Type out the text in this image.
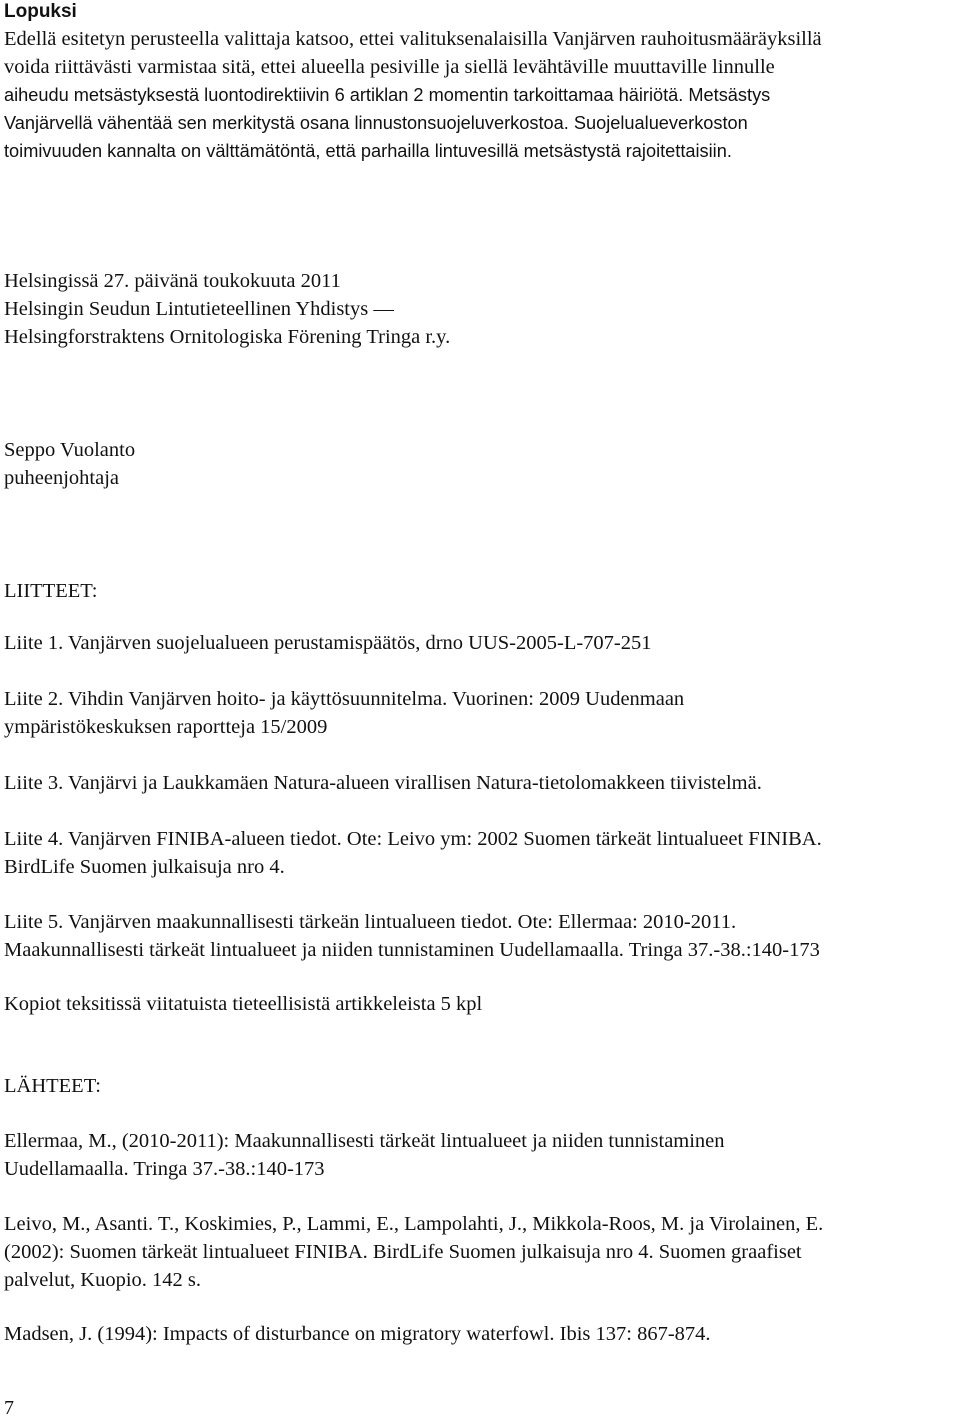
Lopuksi
Edellä esitetyn perusteella valittaja katsoo, ettei valituksenalaisilla Vanjärven rauhoitusmääräyksillä
voida riittävästi varmistaa sitä, ettei alueella pesiville ja siellä levähtäville muuttaville linnulle
aiheudu metsästyksestä luontodirektiivin 6 artiklan 2 momentin tarkoittamaa häiriötä. Metsästys
Vanjärvellä vähentää sen merkitystä osana linnustonsuojeluverkostoa. Suojelualueverkoston
toimivuuden kannalta on välttämätöntä, että parhailla lintuvesillä metsästystä rajoitettaisiin.
Helsingissä 27. päivänä toukokuuta 2011
Helsingin Seudun Lintutieteellinen Yhdistys —
Helsingforstraktens Ornitologiska Förening Tringa r.y.
Seppo Vuolanto
puheenjohtaja
LIITTEET:
Liite 1. Vanjärven suojelualueen perustamispäätös, drno UUS-2005-L-707-251
Liite 2. Vihdin Vanjärven hoito- ja käyttösuunnitelma. Vuorinen: 2009 Uudenmaan
ympäristökeskuksen raportteja 15/2009
Liite 3. Vanjärvi ja Laukkamäen Natura-alueen virallisen Natura-tietolomakkeen tiivistelmä.
Liite 4. Vanjärven FINIBA-alueen tiedot. Ote: Leivo ym: 2002 Suomen tärkeät lintualueet FINIBA.
BirdLife Suomen julkaisuja nro 4.
Liite 5. Vanjärven maakunnallisesti tärkeän lintualueen tiedot. Ote: Ellermaa: 2010-2011.
Maakunnallisesti tärkeät lintualueet ja niiden tunnistaminen Uudellamaalla. Tringa 37.-38.:140-173
Kopiot teksitissä viitatuista tieteellisistä artikkeleista 5 kpl
LÄHTEET:
Ellermaa, M., (2010-2011): Maakunnallisesti tärkeät lintualueet ja niiden tunnistaminen
Uudellamaalla. Tringa 37.-38.:140-173
Leivo, M., Asanti. T., Koskimies, P., Lammi, E., Lampolahti, J., Mikkola-Roos, M. ja Virolainen, E.
(2002): Suomen tärkeät lintualueet FINIBA. BirdLife Suomen julkaisuja nro 4. Suomen graafiset
palvelut, Kuopio. 142 s.
Madsen, J. (1994): Impacts of disturbance on migratory waterfowl. Ibis 137: 867-874.
7
